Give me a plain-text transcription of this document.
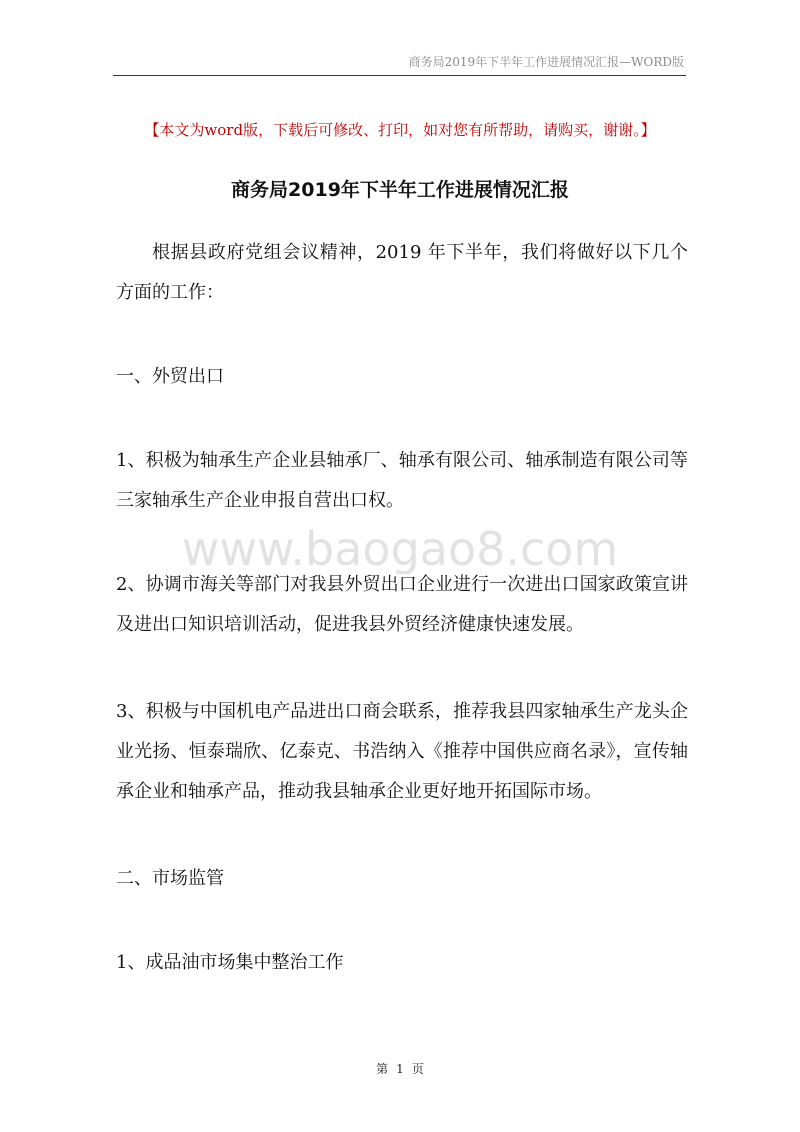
商务局2019年下半年工作进展情况汇报—WORD版
【本文为word版，下载后可修改、打印，如对您有所帮助，请购买，谢谢。】
商务局2019年下半年工作进展情况汇报
根据县政府党组会议精神，2019 年下半年，我们将做好以下几个方面的工作：
一、外贸出口
1、积极为轴承生产企业县轴承厂、轴承有限公司、轴承制造有限公司等三家轴承生产企业申报自营出口权。
www.baogao8.com
2、协调市海关等部门对我县外贸出口企业进行一次进出口国家政策宣讲及进出口知识培训活动，促进我县外贸经济健康快速发展。
3、积极与中国机电产品进出口商会联系，推荐我县四家轴承生产龙头企业光扬、恒泰瑞欣、亿泰克、书浩纳入《推荐中国供应商名录》，宣传轴承企业和轴承产品，推动我县轴承企业更好地开拓国际市场。
二、市场监管
1、成品油市场集中整治工作
第 1 页
